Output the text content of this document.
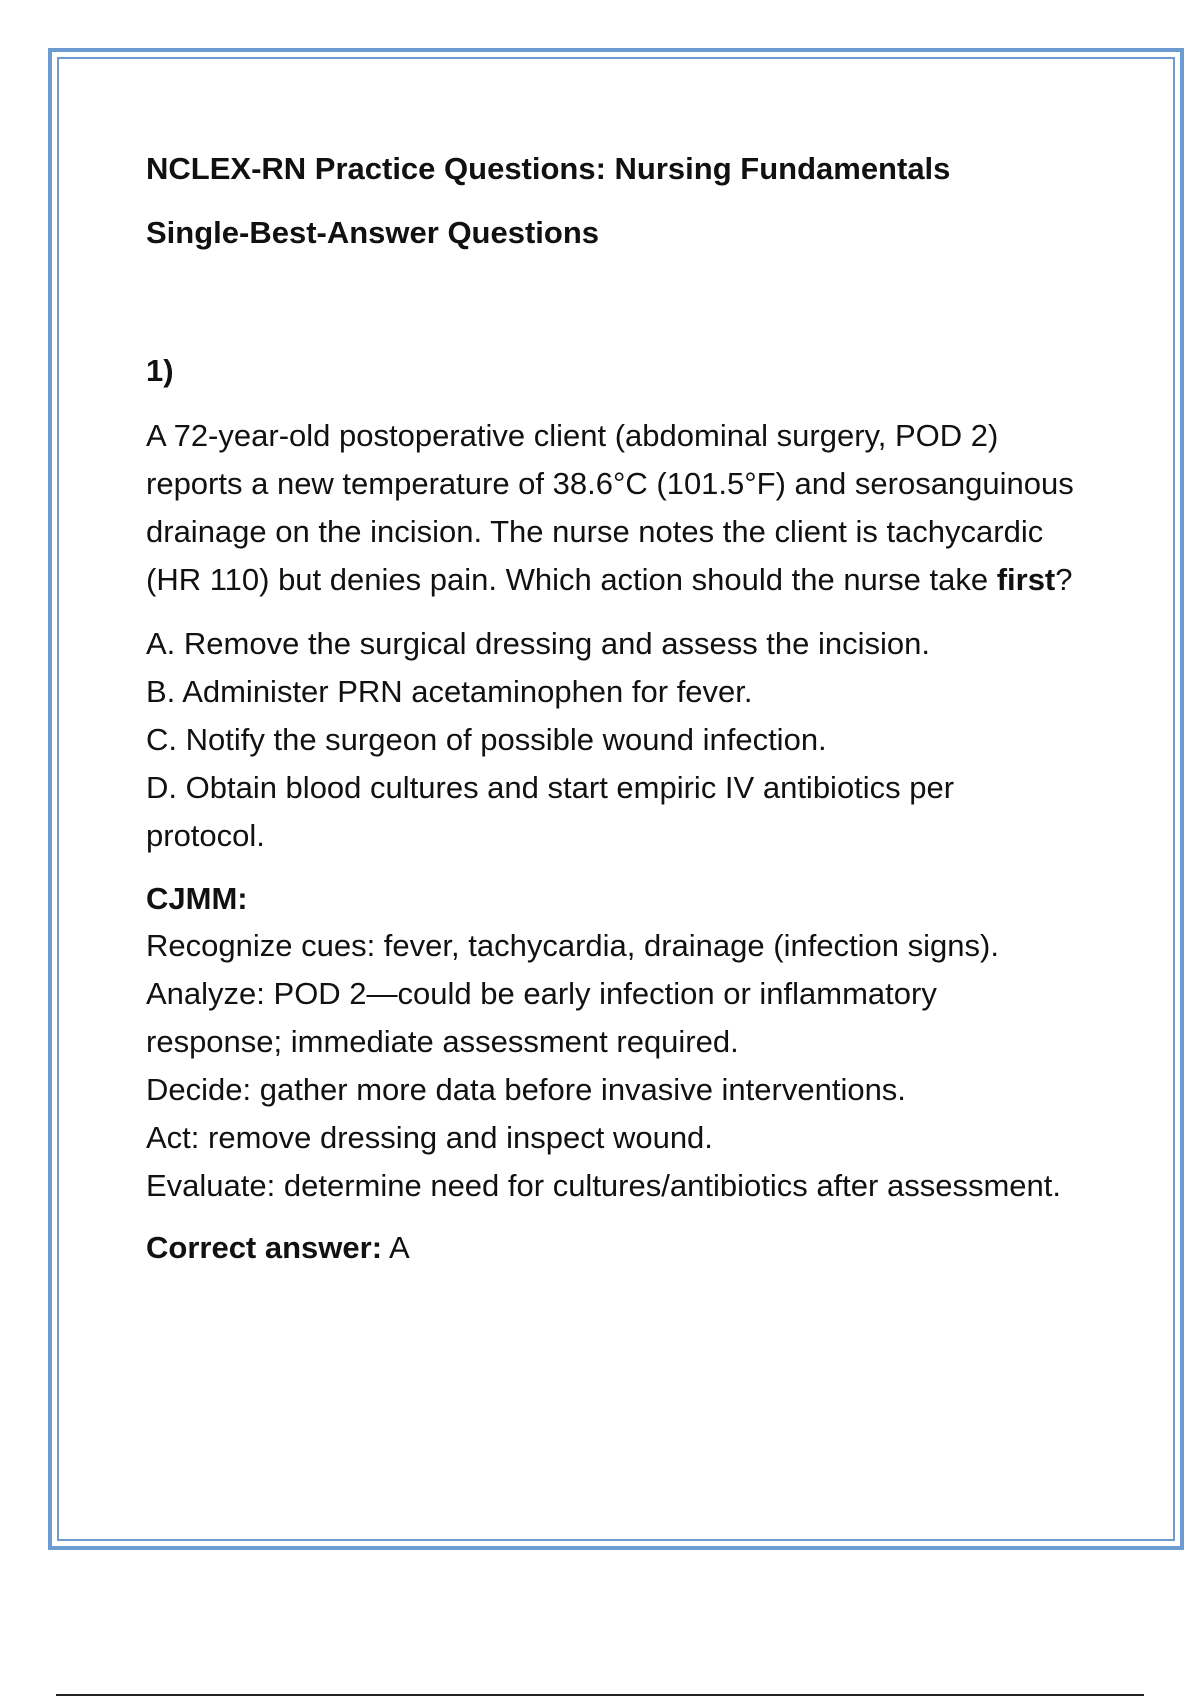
NCLEX-RN Practice Questions: Nursing Fundamentals
Single-Best-Answer Questions
1)

A 72-year-old postoperative client (abdominal surgery, POD 2) reports a new temperature of 38.6°C (101.5°F) and serosanguinous drainage on the incision. The nurse notes the client is tachycardic (HR 110) but denies pain. Which action should the nurse take first?

A. Remove the surgical dressing and assess the incision.
B. Administer PRN acetaminophen for fever.
C. Notify the surgeon of possible wound infection.
D. Obtain blood cultures and start empiric IV antibiotics per protocol.
CJMM:

Recognize cues: fever, tachycardia, drainage (infection signs).

Analyze: POD 2—could be early infection or inflammatory response; immediate assessment required.

Decide: gather more data before invasive interventions.

Act: remove dressing and inspect wound.

Evaluate: determine need for cultures/antibiotics after assessment.

Correct answer: A
